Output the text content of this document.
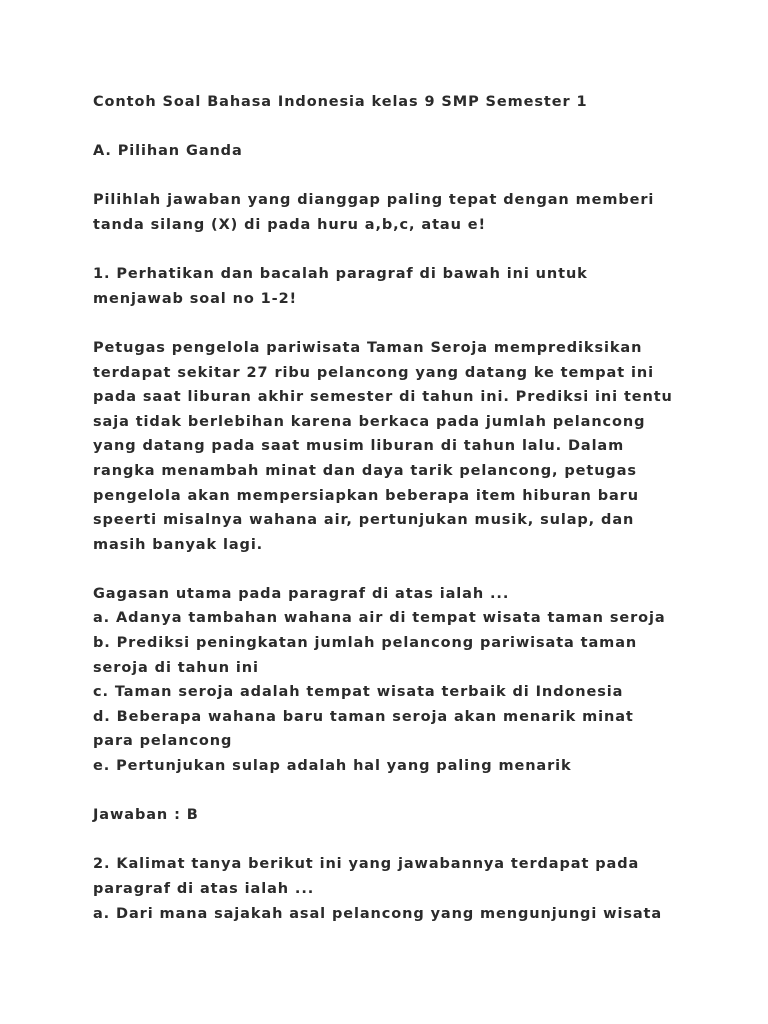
Contoh Soal Bahasa Indonesia kelas 9 SMP Semester 1
A. Pilihan Ganda
Pilihlah jawaban yang dianggap paling tepat dengan memberi
tanda silang (X) di pada huru a,b,c, atau e!
1. Perhatikan dan bacalah paragraf di bawah ini untuk
menjawab soal no 1-2!
Petugas pengelola pariwisata Taman Seroja memprediksikan
terdapat sekitar 27 ribu pelancong yang datang ke tempat ini
pada saat liburan akhir semester di tahun ini. Prediksi ini tentu
saja tidak berlebihan karena berkaca pada jumlah pelancong
yang datang pada saat musim liburan di tahun lalu. Dalam
rangka menambah minat dan daya tarik pelancong, petugas
pengelola akan mempersiapkan beberapa item hiburan baru
speerti misalnya wahana air, pertunjukan musik, sulap, dan
masih banyak lagi.
Gagasan utama pada paragraf di atas ialah ...
a. Adanya tambahan wahana air di tempat wisata taman seroja
b. Prediksi peningkatan jumlah pelancong pariwisata taman
seroja di tahun ini
c. Taman seroja adalah tempat wisata terbaik di Indonesia
d. Beberapa wahana baru taman seroja akan menarik minat
para pelancong
e. Pertunjukan sulap adalah hal yang paling menarik
Jawaban : B
2. Kalimat tanya berikut ini yang jawabannya terdapat pada
paragraf di atas ialah ...
a. Dari mana sajakah asal pelancong yang mengunjungi wisata
